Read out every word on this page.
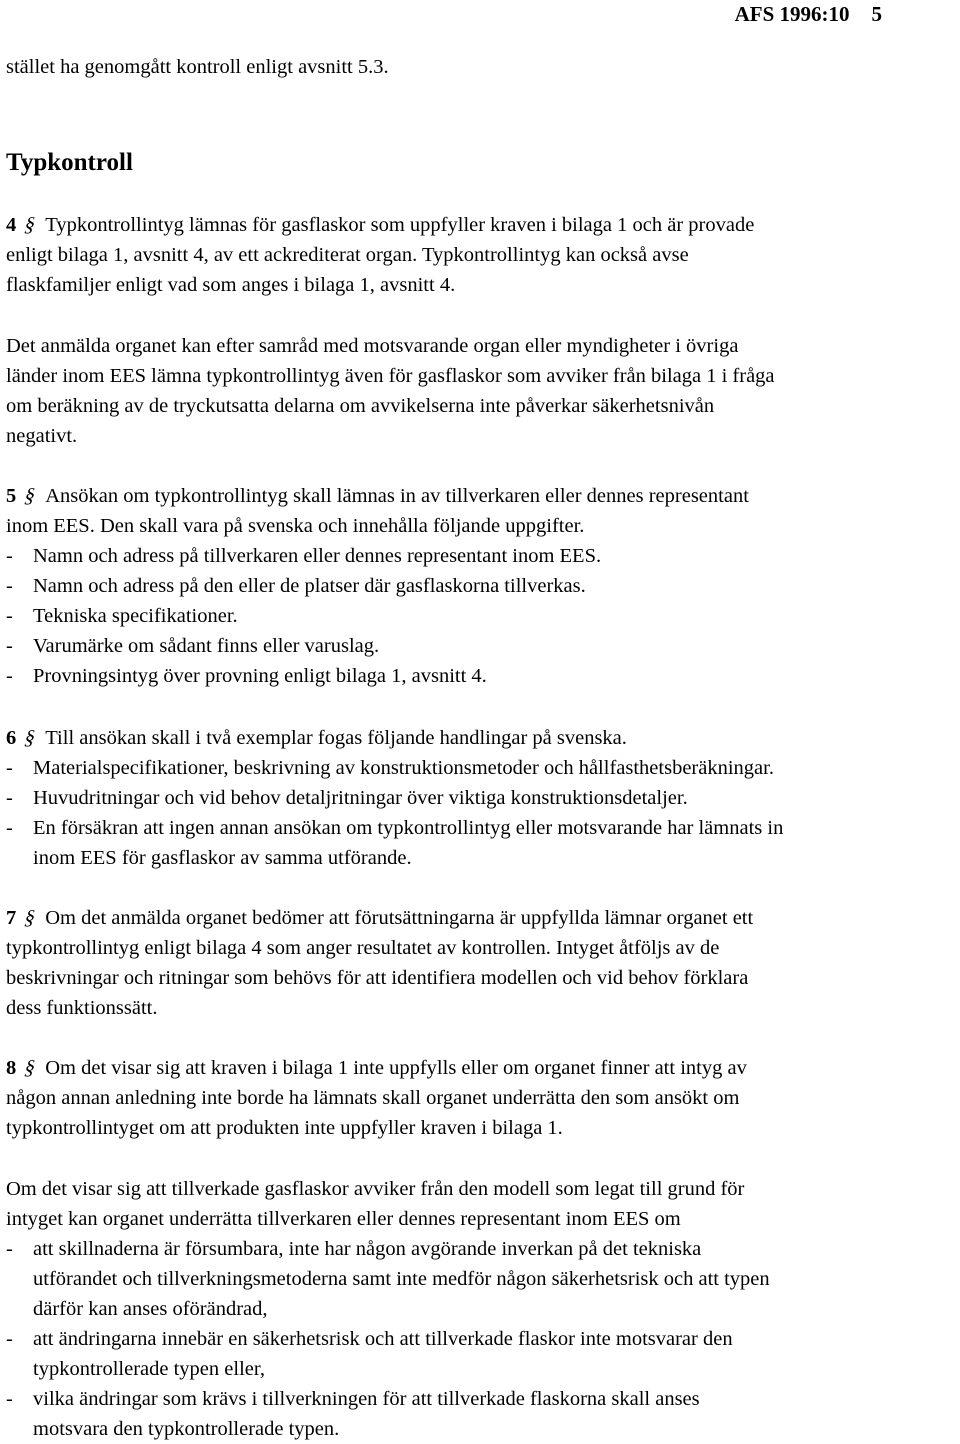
AFS 1996:10 5
stället ha genomgått kontroll enligt avsnitt 5.3.
Typkontroll
4 § Typkontrollintyg lämnas för gasflaskor som uppfyller kraven i bilaga 1 och är provade
enligt bilaga 1, avsnitt 4, av ett ackrediterat organ. Typkontrollintyg kan också avse
flaskfamiljer enligt vad som anges i bilaga 1, avsnitt 4.
Det anmälda organet kan efter samråd med motsvarande organ eller myndigheter i övriga
länder inom EES lämna typkontrollintyg även för gasflaskor som avviker från bilaga 1 i fråga
om beräkning av de tryckutsatta delarna om avvikelserna inte påverkar säkerhetsnivån
negativt.
5 § Ansökan om typkontrollintyg skall lämnas in av tillverkaren eller dennes representant
inom EES. Den skall vara på svenska och innehålla följande uppgifter.
- Namn och adress på tillverkaren eller dennes representant inom EES.
- Namn och adress på den eller de platser där gasflaskorna tillverkas.
- Tekniska specifikationer.
- Varumärke om sådant finns eller varuslag.
- Provningsintyg över provning enligt bilaga 1, avsnitt 4.
6 § Till ansökan skall i två exemplar fogas följande handlingar på svenska.
- Materialspecifikationer, beskrivning av konstruktionsmetoder och hållfasthetsberäkningar.
- Huvudritningar och vid behov detaljritningar över viktiga konstruktionsdetaljer.
- En försäkran att ingen annan ansökan om typkontrollintyg eller motsvarande har lämnats in
inom EES för gasflaskor av samma utförande.
7 § Om det anmälda organet bedömer att förutsättningarna är uppfyllda lämnar organet ett
typkontrollintyg enligt bilaga 4 som anger resultatet av kontrollen. Intyget åtföljs av de
beskrivningar och ritningar som behövs för att identifiera modellen och vid behov förklara
dess funktionssätt.
8 § Om det visar sig att kraven i bilaga 1 inte uppfylls eller om organet finner att intyg av
någon annan anledning inte borde ha lämnats skall organet underrätta den som ansökt om
typkontrollintyget om att produkten inte uppfyller kraven i bilaga 1.
Om det visar sig att tillverkade gasflaskor avviker från den modell som legat till grund för
intyget kan organet underrätta tillverkaren eller dennes representant inom EES om
- att skillnaderna är försumbara, inte har någon avgörande inverkan på det tekniska
utförandet och tillverkningsmetoderna samt inte medför någon säkerhetsrisk och att typen
därför kan anses oförändrad,
- att ändringarna innebär en säkerhetsrisk och att tillverkade flaskor inte motsvarar den
typkontrollerade typen eller,
- vilka ändringar som krävs i tillverkningen för att tillverkade flaskorna skall anses
motsvara den typkontrollerade typen.
